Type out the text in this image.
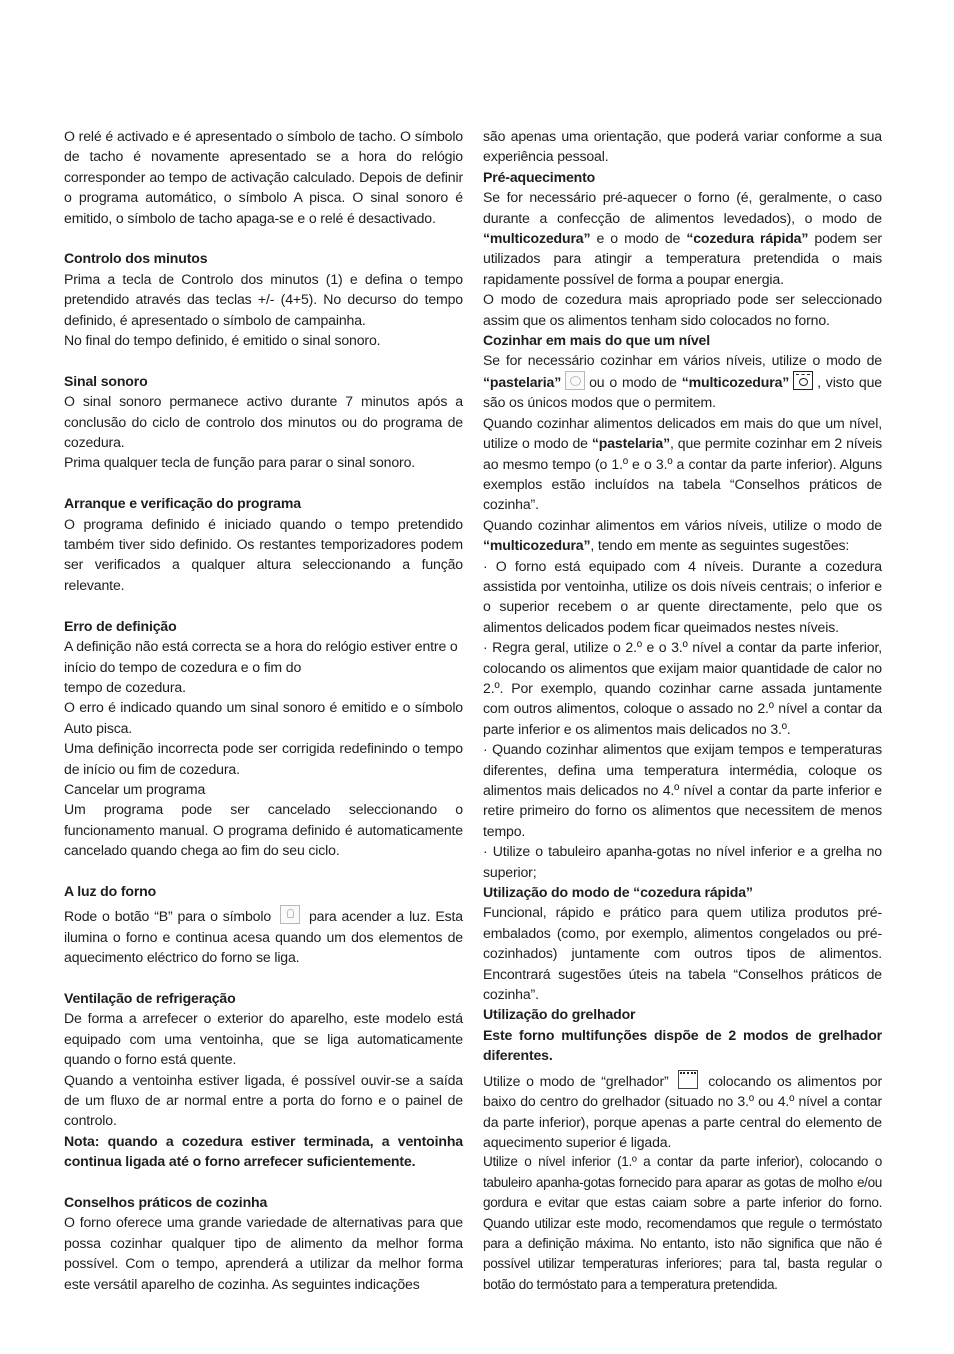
O relé é activado e é apresentado o símbolo de tacho. O símbolo de tacho é novamente apresentado se a hora do relógio corresponder ao tempo de activação calculado. Depois de definir o programa automático, o símbolo A pisca. O sinal sonoro é emitido, o símbolo de tacho apaga-se e o relé é desactivado.

Controlo dos minutos

Prima a tecla de Controlo dos minutos (1) e defina o tempo pretendido através das teclas +/- (4+5). No decurso do tempo definido, é apresentado o símbolo de campainha.

No final do tempo definido, é emitido o sinal sonoro.

Sinal sonoro

O sinal sonoro permanece activo durante 7 minutos após a conclusão do ciclo de controlo dos minutos ou do programa de cozedura.

Prima qualquer tecla de função para parar o sinal sonoro.

Arranque e verificação do programa

O programa definido é iniciado quando o tempo pretendido também tiver sido definido. Os restantes temporizadores podem ser verificados a qualquer altura seleccionando a função relevante.

Erro de definição

A definição não está correcta se a hora do relógio estiver entre o início do tempo de cozedura e o fim do

tempo de cozedura.

O erro é indicado quando um sinal sonoro é emitido e o símbolo Auto pisca.

Uma definição incorrecta pode ser corrigida redefinindo o tempo de início ou fim de cozedura.

Cancelar um programa

Um programa pode ser cancelado seleccionando o funcionamento manual. O programa definido é automaticamente cancelado quando chega ao fim do seu ciclo.

A luz do forno

Rode o botão “B” para o símbolo	para acender a luz. Esta ilumina o forno e continua acesa quando um dos elementos de aquecimento eléctrico do forno se liga.

Ventilação de refrigeração

De forma a arrefecer o exterior do aparelho, este modelo está equipado com uma ventoinha, que se liga automaticamente quando o forno está quente.

Quando a ventoinha estiver ligada, é possível ouvir-se a saída de um fluxo de ar normal entre a porta do forno e o painel de controlo.

Nota: quando a cozedura estiver terminada, a ventoinha continua ligada até o forno arrefecer suficientemente.

Conselhos práticos de cozinha

O forno oferece uma grande variedade de alternativas para que possa cozinhar qualquer tipo de alimento da melhor forma possível. Com o tempo, aprenderá a utilizar da melhor forma este versátil aparelho de cozinha. As seguintes indicações

são apenas uma orientação, que poderá variar conforme a sua experiência pessoal.

Pré-aquecimento

Se for necessário pré-aquecer o forno (é, geralmente, o caso durante a confecção de alimentos levedados), o modo de “multicozedura” e o modo de “cozedura rápida” podem ser utilizados para atingir a temperatura pretendida o mais rapidamente possível de forma a poupar energia.

O modo de cozedura mais apropriado pode ser seleccionado assim que os alimentos tenham sido colocados no forno.

Cozinhar em mais do que um nível

Se for necessário cozinhar em vários níveis, utilize o modo de “pastelaria” ou o modo de “multicozedura” , visto que são os únicos modos que o permitem.

Quando cozinhar alimentos delicados em mais do que um nível, utilize o modo de “pastelaria”, que permite cozinhar em 2 níveis ao mesmo tempo (o 1.º e o 3.º a contar da parte inferior). Alguns exemplos estão incluídos na tabela “Conselhos práticos de cozinha”.

Quando cozinhar alimentos em vários níveis, utilize o modo de “multicozedura”, tendo em mente as seguintes sugestões:

· O forno está equipado com 4 níveis. Durante a cozedura assistida por ventoinha, utilize os dois níveis centrais; o inferior e o superior recebem o ar quente directamente, pelo que os alimentos delicados podem ficar queimados nestes níveis.

· Regra geral, utilize o 2.º e o 3.º nível a contar da parte inferior, colocando os alimentos que exijam maior quantidade de calor no 2.º. Por exemplo, quando cozinhar carne assada juntamente com outros alimentos, coloque o assado no 2.º nível a contar da parte inferior e os alimentos mais delicados no 3.º.

· Quando cozinhar alimentos que exijam tempos e temperaturas diferentes, defina uma temperatura intermédia, coloque os alimentos mais delicados no 4.º nível a contar da parte inferior e retire primeiro do forno os alimentos que necessitem de menos tempo.

· Utilize o tabuleiro apanha-gotas no nível inferior e a grelha no superior;

Utilização do modo de “cozedura rápida”

Funcional, rápido e prático para quem utiliza produtos pré-embalados (como, por exemplo, alimentos congelados ou pré-cozinhados) juntamente com outros tipos de alimentos. Encontrará sugestões úteis na tabela “Conselhos práticos de cozinha”.

Utilização do grelhador

Este forno multifunções dispõe de 2 modos de grelhador diferentes.

Utilize o modo de “grelhador”	colocando os alimentos por baixo do centro do grelhador (situado no 3.º ou 4.º nível a contar da parte inferior), porque apenas a parte central do elemento de aquecimento superior é ligada.

Utilize o nível inferior (1.º a contar da parte inferior), colocando o tabuleiro apanha-gotas fornecido para aparar as gotas de molho e/ou gordura e evitar que estas caiam sobre a parte inferior do forno. Quando utilizar este modo, recomendamos que regule o termóstato para a definição máxima. No entanto, isto não significa que não é possível utilizar temperaturas inferiores; para tal, basta regular o botão do termóstato para a temperatura pretendida.
